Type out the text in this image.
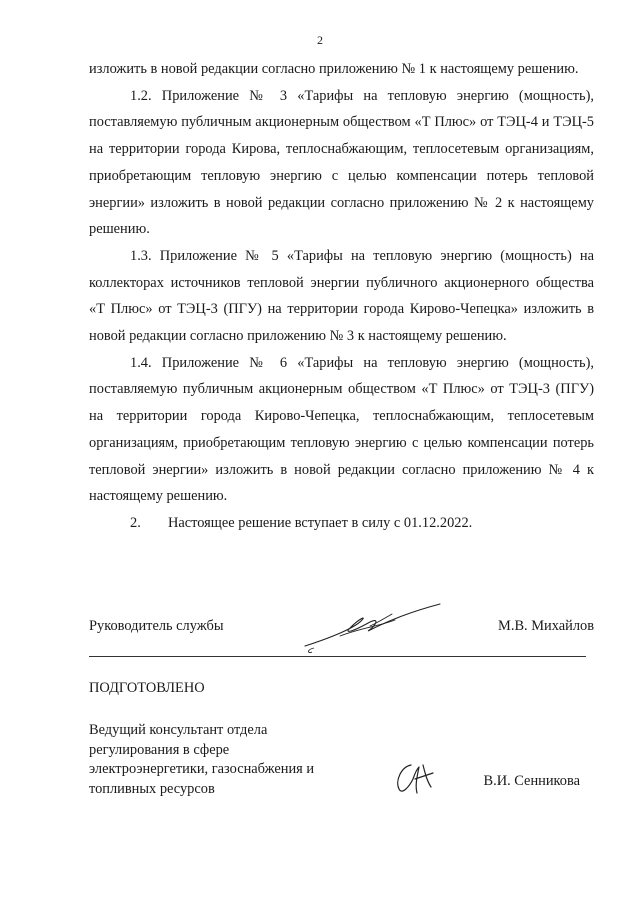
2

изложить в новой редакции согласно приложению № 1 к настоящему решению.

1.2. Приложение № 3 «Тарифы на тепловую энергию (мощность), поставляемую публичным акционерным обществом «Т Плюс» от ТЭЦ-4 и ТЭЦ-5 на территории города Кирова, теплоснабжающим, теплосетевым организациям, приобретающим тепловую энергию с целью компенсации потерь тепловой энергии» изложить в новой редакции согласно приложению № 2 к настоящему решению.

1.3. Приложение № 5 «Тарифы на тепловую энергию (мощность) на коллекторах источников тепловой энергии публичного акционерного общества «Т Плюс» от ТЭЦ-3 (ПГУ) на территории города Кирово-Чепецка» изложить в новой редакции согласно приложению № 3 к настоящему решению.

1.4. Приложение № 6 «Тарифы на тепловую энергию (мощность), поставляемую публичным акционерным обществом «Т Плюс» от ТЭЦ-3 (ПГУ) на территории города Кирово-Чепецка, теплоснабжающим, теплосетевым организациям, приобретающим тепловую энергию с целью компенсации потерь тепловой энергии» изложить в новой редакции согласно приложению № 4 к настоящему решению.

2. Настоящее решение вступает в силу с 01.12.2022.

Руководитель службы	М.В. Михайлов
ПОДГОТОВЛЕНО
Ведущий консультант отдела
регулирования в сфере
электроэнергетики, газоснабжения и
топливных ресурсов	В.И. Сенникова
